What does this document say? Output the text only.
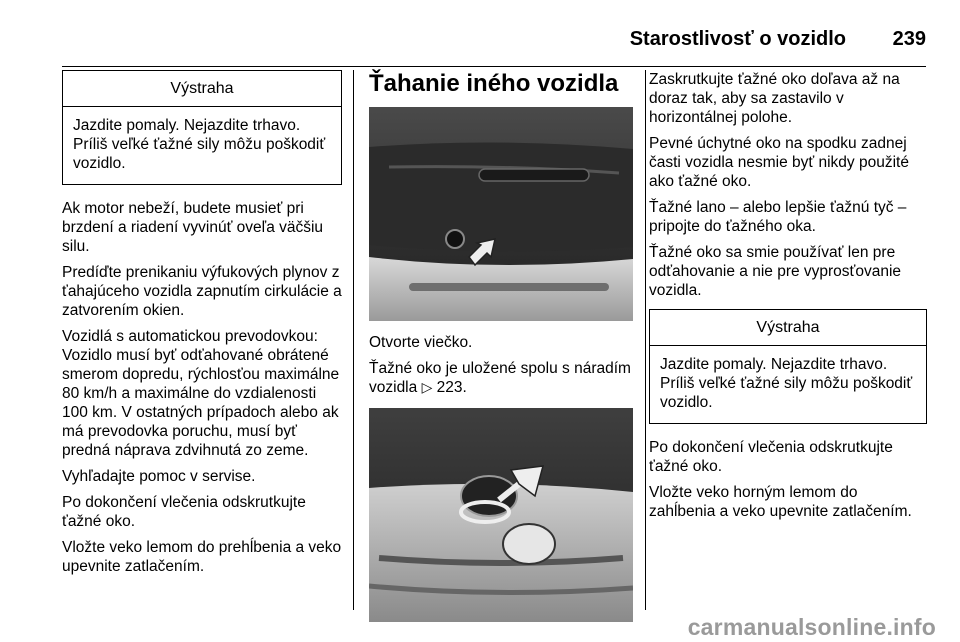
Starostlivosť o vozidlo 239
Výstraha
Jazdite pomaly. Nejazdite trhavo. Príliš veľké ťažné sily môžu poškodiť vozidlo.

Ak motor nebeží, budete musieť pri brzdení a riadení vyvinúť oveľa väčšiu silu.

Predíďte prenikaniu výfukových plynov z ťahajúceho vozidla zapnutím cirkulácie a zatvorením okien.

Vozidlá s automatickou prevodovkou: Vozidlo musí byť odťahované obrátené smerom dopredu, rýchlosťou maximálne 80 km/h a maximálne do vzdialenosti 100 km. V ostatných prípadoch alebo ak má prevodovka poruchu, musí byť predná náprava zdvihnutá zo zeme.

Vyhľadajte pomoc v servise.

Po dokončení vlečenia odskrutkujte ťažné oko.

Vložte veko lemom do prehĺbenia a veko upevnite zatlačením.

Ťahanie iného vozidla

Otvorte viečko.

Ťažné oko je uložené spolu s náradím vozidla ▷ 223.

Zaskrutkujte ťažné oko doľava až na doraz tak, aby sa zastavilo v horizontálnej polohe.

Pevné úchytné oko na spodku zadnej časti vozidla nesmie byť nikdy použité ako ťažné oko.

Ťažné lano – alebo lepšie ťažnú tyč – pripojte do ťažného oka.

Ťažné oko sa smie používať len pre odťahovanie a nie pre vyprosťovanie vozidla.

Výstraha
Jazdite pomaly. Nejazdite trhavo. Príliš veľké ťažné sily môžu poškodiť vozidlo.

Po dokončení vlečenia odskrutkujte ťažné oko.

Vložte veko horným lemom do zahĺbenia a veko upevnite zatlačením.

carmanualsonline.info
